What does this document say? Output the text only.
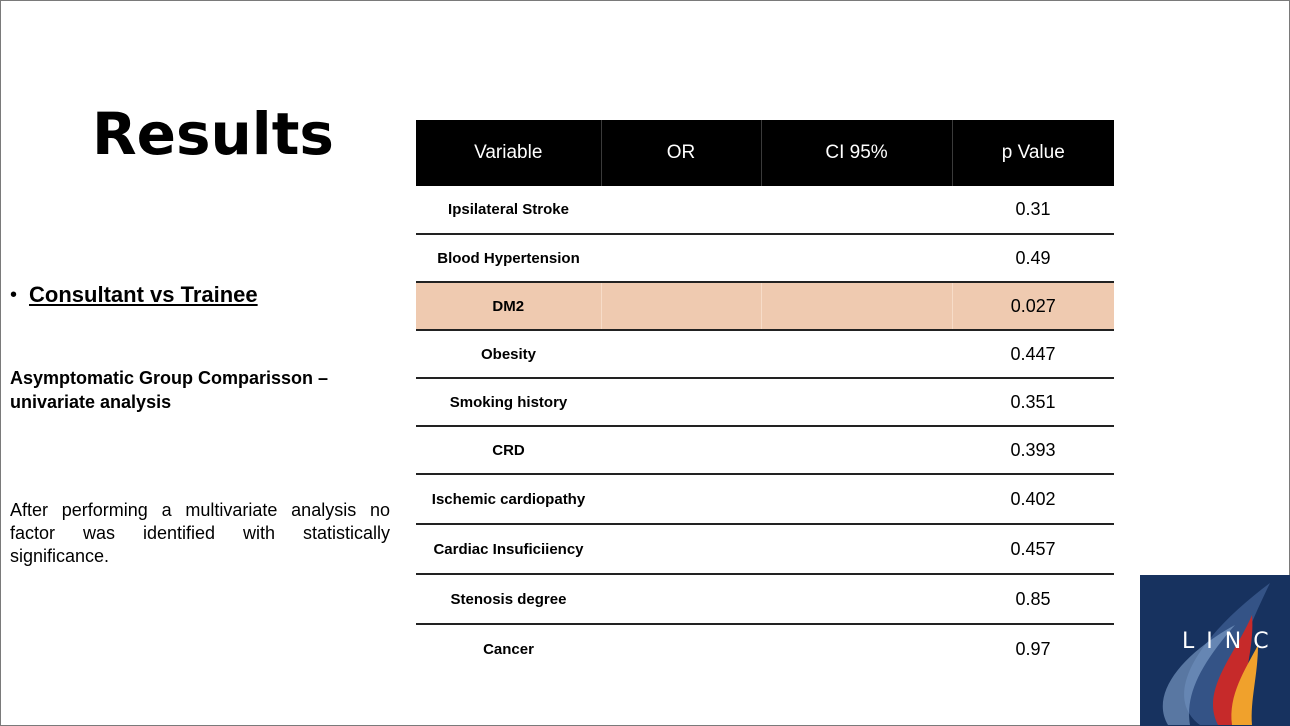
Results
• Consultant vs Trainee
Asymptomatic Group Comparisson – univariate analysis
After performing a multivariate analysis no factor was identified with statistically significance.
Variable	OR	CI 95%	p Value
Ipsilateral Stroke			0.31
Blood Hypertension			0.49
DM2			0.027
Obesity			0.447
Smoking history			0.351
CRD			0.393
Ischemic cardiopathy			0.402
Cardiac Insuficiiency			0.457
Stenosis degree			0.85
Cancer			0.97	LINC
